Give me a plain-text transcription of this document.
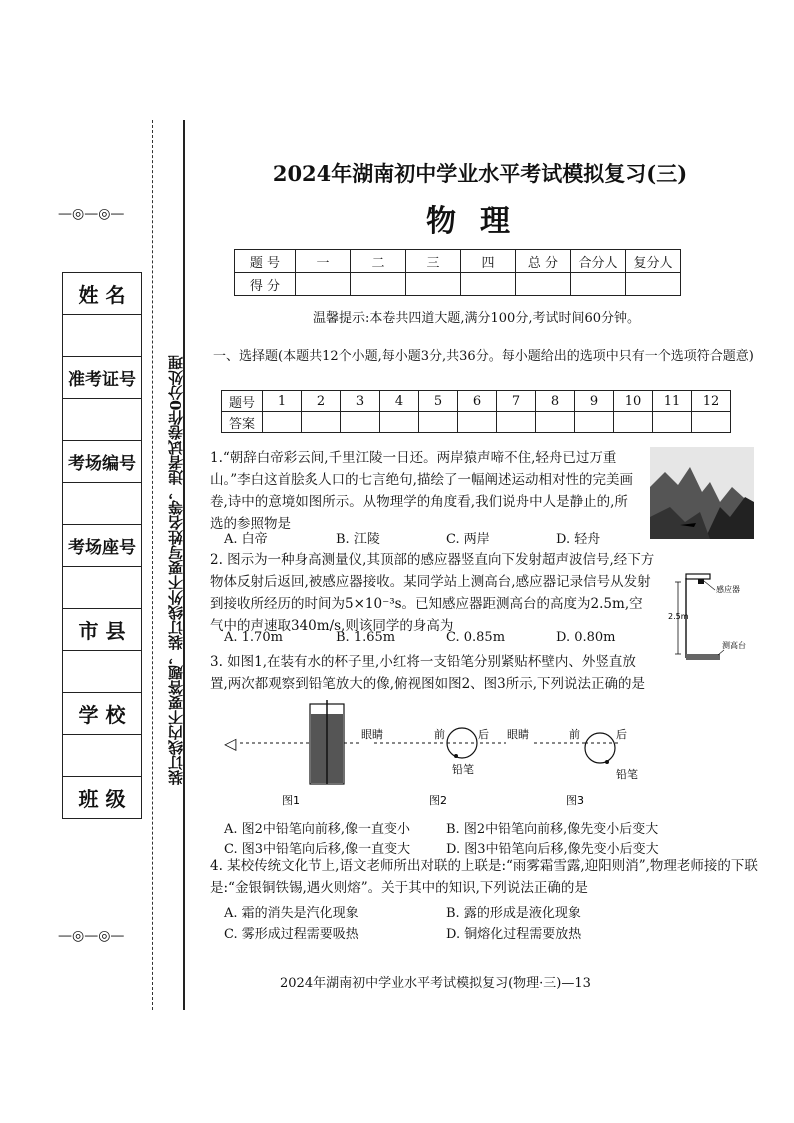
—◎—◎—
—◎—◎—
姓 名

准考证号

考场编号

考场座号

市 县

学 校

班 级
装订线内不要答题，装订线外不要写姓名等，违者试卷作0分处理
2024年湖南初中学业水平考试模拟复习(三)
物理
题 号	一	二	三	四	总 分	合分人	复分人
得 分							
温馨提示:本卷共四道大题,满分100分,考试时间60分钟。
一、选择题(本题共12个小题,每小题3分,共36分。每小题给出的选项中只有一个选项符合题意)
题号	1	2	3	4	5	6	7	8	9	10	11	12
答案												
1.“朝辞白帝彩云间,千里江陵一日还。两岸猿声啼不住,轻舟已过万重山。”李白这首脍炙人口的七言绝句,描绘了一幅阐述运动相对性的完美画卷,诗中的意境如图所示。从物理学的角度看,我们说舟中人是静止的,所选的参照物是
A. 白帝	B. 江陵	C. 两岸	D. 轻舟
2. 图示为一种身高测量仪,其顶部的感应器竖直向下发射超声波信号,经下方物体反射后返回,被感应器接收。某同学站上测高台,感应器记录信号从发射到接收所经历的时间为5×10⁻³s。已知感应器距测高台的高度为2.5m,空气中的声速取340m/s,则该同学的身高为
A. 1.70m	B. 1.65m	C. 0.85m	D. 0.80m
2.5m
感应器
测高台
3. 如图1,在装有水的杯子里,小红将一支铅笔分别紧贴杯壁内、外竖直放置,两次都观察到铅笔放大的像,俯视图如图2、图3所示,下列说法正确的是
◁	眼睛
图1
前	后
铅笔
图2
眼睛	前	后
铅笔
图3
A. 图2中铅笔向前移,像一直变小	B. 图2中铅笔向前移,像先变小后变大
C. 图3中铅笔向后移,像一直变大	D. 图3中铅笔向后移,像先变小后变大
4. 某校传统文化节上,语文老师所出对联的上联是:“雨雾霜雪露,迎阳则消”,物理老师接的下联是:“金银铜铁锡,遇火则熔”。关于其中的知识,下列说法正确的是
A. 霜的消失是汽化现象	B. 露的形成是液化现象
C. 雾形成过程需要吸热	D. 铜熔化过程需要放热
2024年湖南初中学业水平考试模拟复习(物理·三)—13
